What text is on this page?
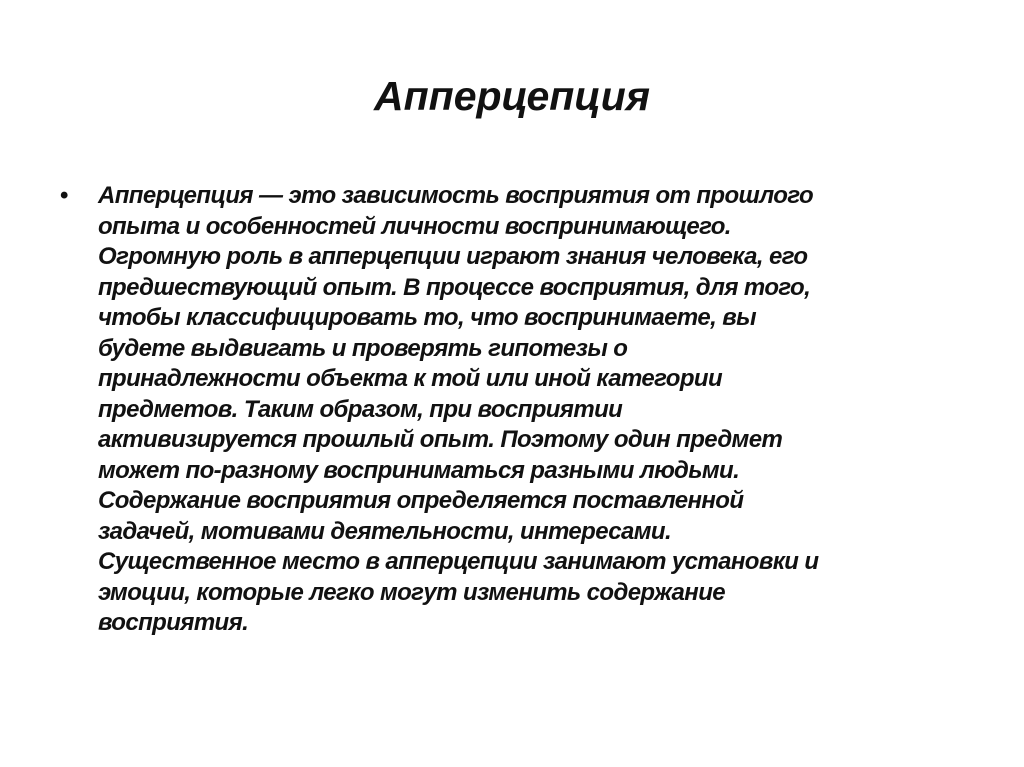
Апперцепция
•	Апперцепция — это зависимость восприятия от прошлого
опыта и особенностей личности воспринимающего.
Огромную роль в апперцепции играют знания человека, его
предшествующий опыт. В процессе восприятия, для того,
чтобы классифицировать то, что воспринимаете, вы
будете выдвигать и проверять гипотезы о
принадлежности объекта к той или иной категории
предметов. Таким образом, при восприятии
активизируется прошлый опыт. Поэтому один предмет
может по-разному восприниматься разными людьми.
Содержание восприятия определяется поставленной
задачей, мотивами деятельности, интересами.
Существенное место в апперцепции занимают установки и
эмоции, которые легко могут изменить содержание
восприятия.
